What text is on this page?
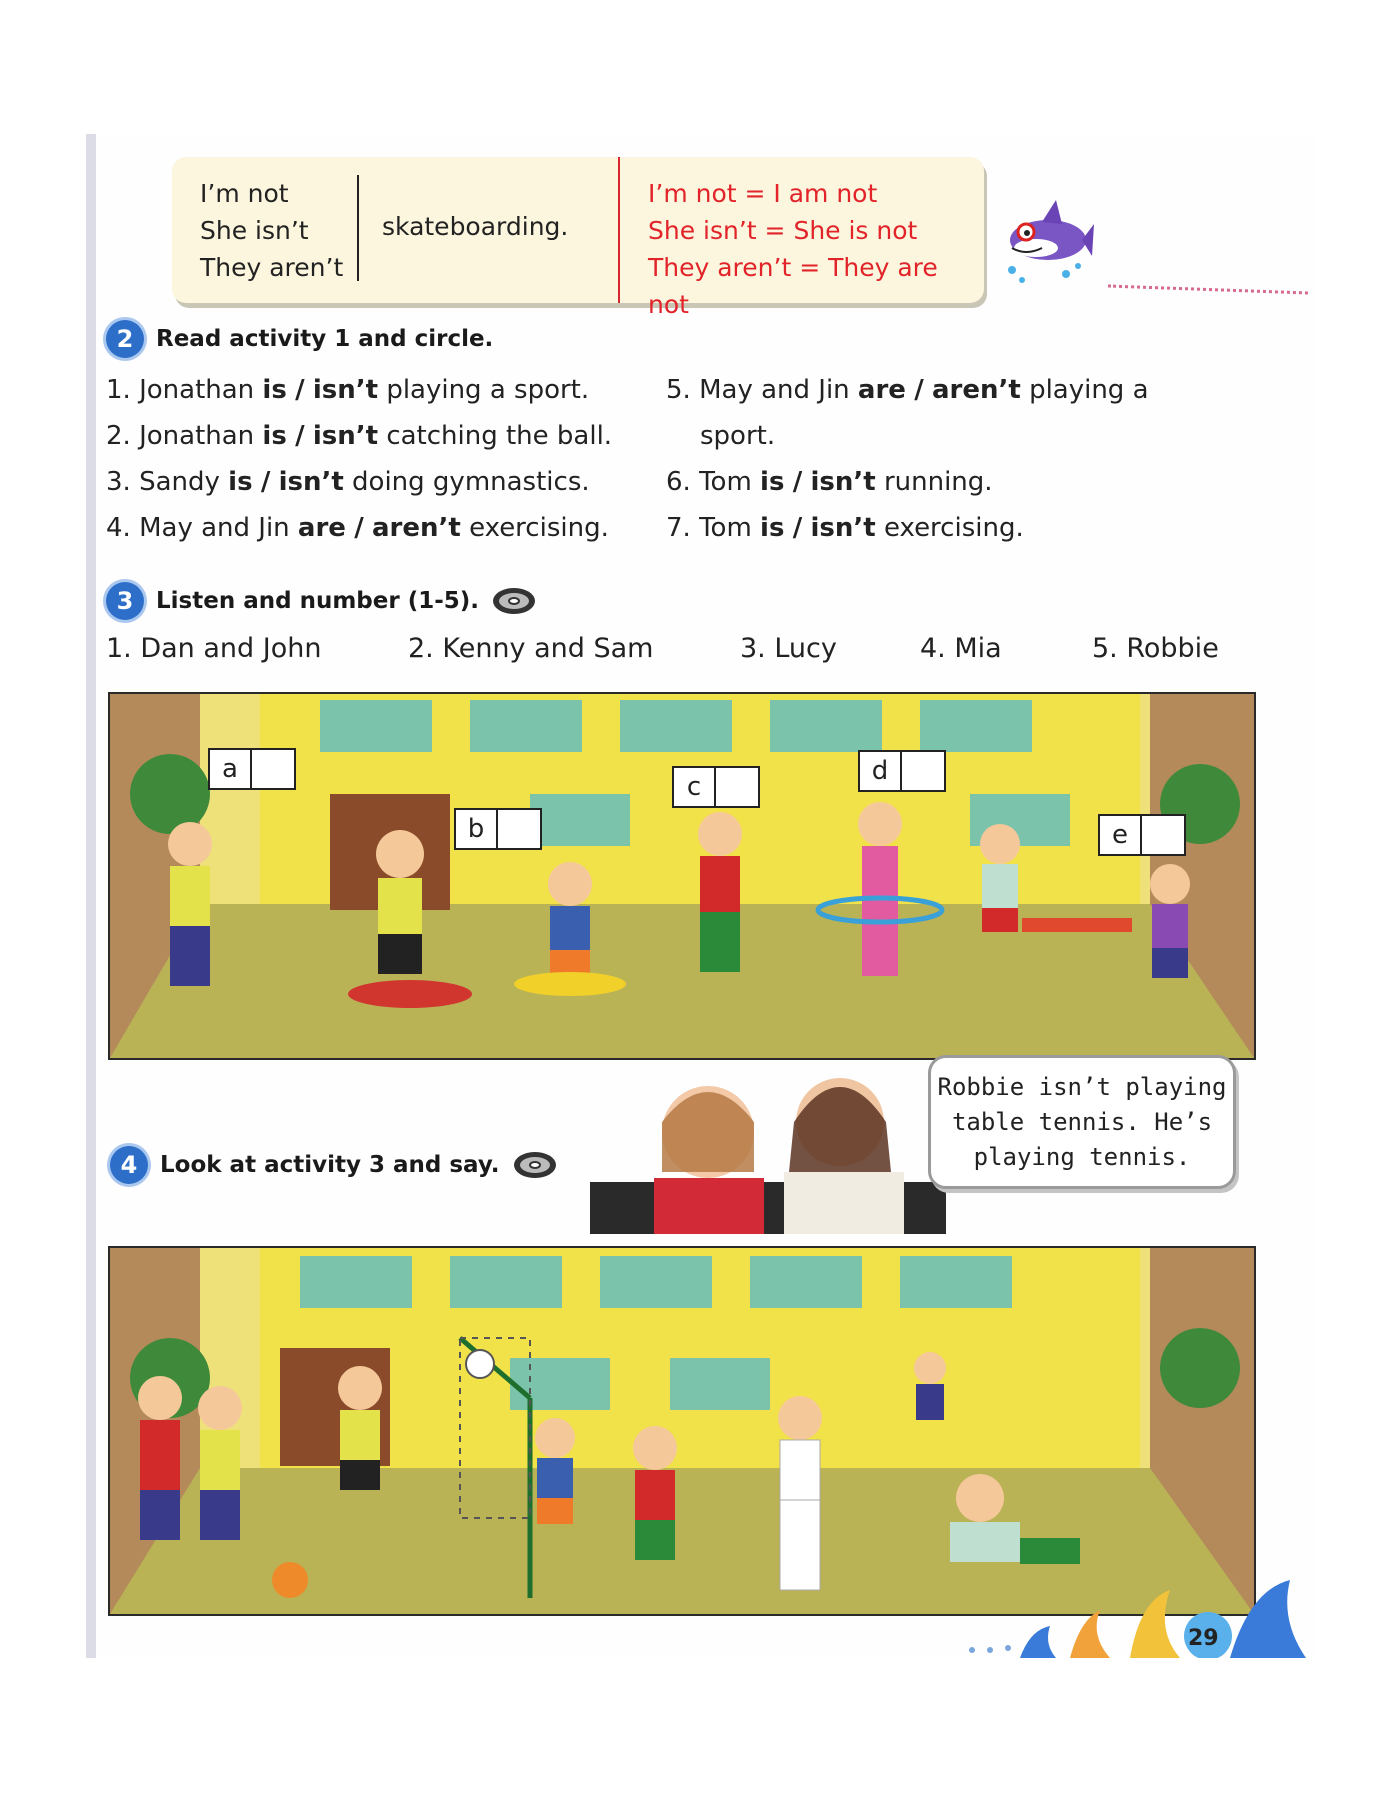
I’m not
She isn’t
They aren’t
skateboarding.
I’m not = I am not
She isn’t = She is not
They aren’t = They are not
2 Read activity 1 and circle.
1. Jonathan is / isn’t playing a sport.
2. Jonathan is / isn’t catching the ball.
3. Sandy is / isn’t doing gymnastics.
4. May and Jin are / aren’t exercising.
5. May and Jin are / aren’t playing a
sport.
6. Tom is / isn’t running.
7. Tom is / isn’t exercising.
3 Listen and number (1-5).
1. Dan and John	2. Kenny and Sam	3. Lucy	4. Mia	5. Robbie
a
b
c
d
e
4 Look at activity 3 and say.
Robbie isn’t playing
table tennis. He’s
playing tennis.
29
